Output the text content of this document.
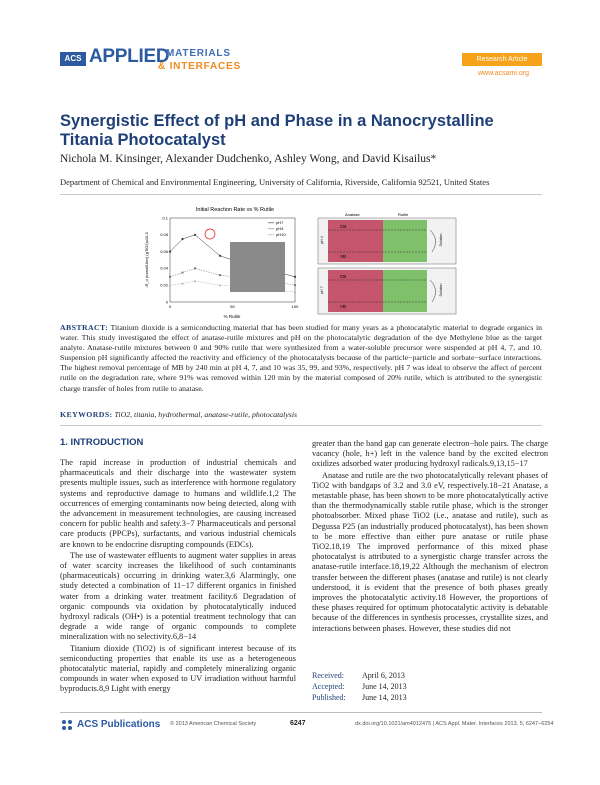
ACS APPLIED
MATERIALS
& INTERFACES
Research Article
www.acsami.org
Synergistic Effect of pH and Phase in a Nanocrystalline Titania Photocatalyst
Nichola M. Kinsinger, Alexander Dudchenko, Ashley Wong, and David Kisailus*
Department of Chemical and Environmental Engineering, University of California, Riverside, California 92521, United States
Initial Reaction Rate vs % Rutile
0.1
0.08
0.06
0.04
0.02
0
0	50	100
% Rutile
-R_o (mmol/Liter) (gTiO2)x10-5
pH7
pH4
pH10
CB
VB
CB
VB
Anatase	Rutile
pH 4
pH 7
Solution
Solution
ABSTRACT: Titanium dioxide is a semiconducting material that has been studied for many years as a photocatalytic material to degrade organics in water. This study investigated the effect of anatase-rutile mixtures and pH on the photocatalytic degradation of the dye Methylene blue as the target analyte. Anatase-rutile mixtures between 0 and 90% rutile that were synthesized from a water-soluble precursor were suspended at pH 4, 7, and 10. Suspension pH significantly affected the reactivity and efficiency of the photocatalysts because of the particle−particle and sorbate−surface interactions. The highest removal percentage of MB by 240 min at pH 4, 7, and 10 was 35, 99, and 93%, respectively. pH 7 was ideal to observe the affect of percent rutile on the degradation rate, where 91% was removed within 120 min by the material composed of 20% rutile, which is attributed to the synergistic charge transfer of holes from rutile to anatase.
KEYWORDS: TiO2, titania, hydrothermal, anatase-rutile, photocatalysis
1. INTRODUCTION

The rapid increase in production of industrial chemicals and pharmaceuticals and their discharge into the wastewater system presents multiple issues, such as interference with hormone regulatory systems and reproductive damage to humans and wildlife.1,2 The occurrences of emerging contaminants now being detected, along with the advancement in measurement technologies, are causing increased concern for public health and safety.3−7 Pharmaceuticals and personal care products (PPCPs), surfactants, and various industrial chemicals are known to be endocrine disrupting compounds (EDCs).

The use of wastewater effluents to augment water supplies in areas of water scarcity increases the likelihood of such contaminants (pharmaceuticals) occurring in drinking water.3,6 Alarmingly, one study detected a combination of 11−17 different organics in finished water from a drinking water treatment facility.6 Degradation of organic compounds via oxidation by photocatalytically induced hydroxyl radicals (OH•) is a potential treatment technology that can degrade a wide range of organic compounds to complete mineralization with no selectivity.6,8−14

Titanium dioxide (TiO2) is of significant interest because of its semiconducting properties that enable its use as a heterogeneous photocatalytic material, rapidly and completely mineralizing organic compounds in water when exposed to UV irradiation without harmful byproducts.8,9 Light with energy

greater than the band gap can generate electron−hole pairs. The charge vacancy (hole, h+) left in the valence band by the excited electron oxidizes adsorbed water producing hydroxyl radicals.9,13,15−17

Anatase and rutile are the two photocatalytically relevant phases of TiO2 with bandgaps of 3.2 and 3.0 eV, respectively.18−21 Anatase, a metastable phase, has been shown to be more photocatalytically active than the thermodynamically stable rutile phase, which is the stronger photoabsorber. Mixed phase TiO2 (i.e., anatase and rutile), such as Degussa P25 (an industrially produced photocatalyst), has been shown to be more effective than either pure anatase or rutile phase TiO2.18,19 The improved performance of this mixed phase photocatalyst is attributed to a synergistic charge transfer across the anatase-rutile interface.18,19,22 Although the mechanism of electron transfer between the different phases (anatase and rutile) is not clearly understood, it is evident that the presence of both phases greatly improves the photocatalytic activity.18 However, the proportions of these phases required for optimum photocatalytic activity is debatable because of the differences in synthesis processes, crystallite sizes, and interactions between phases. However, these studies did not

Received: April 6, 2013
Accepted: June 14, 2013
Published: June 14, 2013
ACS Publications © 2013 American Chemical Society	6247	dx.doi.org/10.1021/am4012475 | ACS Appl. Mater. Interfaces 2013, 5, 6247−6254
